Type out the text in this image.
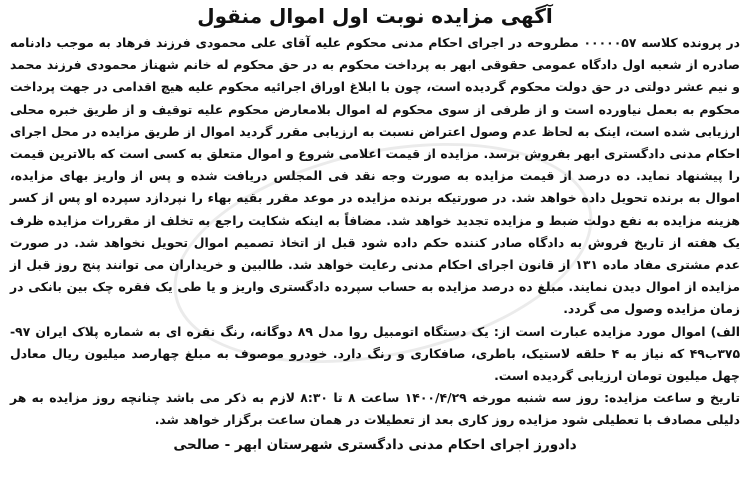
آگهی مزایده نوبت اول اموال منقول

در پرونده کلاسه ۰۰۰۰۰۵۷ مطروحه در اجرای احکام مدنی محکوم علیه آقای علی محمودی فرزند فرهاد به موجب دادنامه صادره از شعبه اول دادگاه عمومی حقوقی ابهر به پرداخت محکوم به در حق محکوم له خانم شهناز محمودی فرزند محمد و نیم عشر دولتی در حق دولت محکوم گردیده است، چون با ابلاغ اوراق اجرائیه محکوم علیه هیچ اقدامی در جهت پرداخت محکوم به بعمل نیاورده است و از طرفی از سوی محکوم له اموال بلامعارض محکوم علیه توقیف و از طریق خبره محلی ارزیابی شده است، اینک به لحاظ عدم وصول اعتراض نسبت به ارزیابی مقرر گردید اموال از طریق مزایده در محل اجرای احکام مدنی دادگستری ابهر بفروش برسد. مزایده از قیمت اعلامی شروع و اموال متعلق به کسی است که بالاترین قیمت را پیشنهاد نماید. ده درصد از قیمت مزایده به صورت وجه نقد فی المجلس دریافت شده و پس از واریز بهای مزایده، اموال به برنده تحویل داده خواهد شد. در صورتیکه برنده مزایده در موعد مقرر بقیه بهاء را نپردازد سپرده او پس از کسر هزینه مزایده به نفع دولت ضبط و مزایده تجدید خواهد شد. مضافاً به اینکه شکایت راجع به تخلف از مقررات مزایده ظرف یک هفته از تاریخ فروش به دادگاه صادر کننده حکم داده شود قبل از اتخاذ تصمیم اموال تحویل نخواهد شد. در صورت عدم مشتری مفاد ماده ۱۳۱ از قانون اجرای احکام مدنی رعایت خواهد شد. طالبین و خریداران می توانند پنج روز قبل از مزایده از اموال دیدن نمایند. مبلغ ده درصد مزایده به حساب سپرده دادگستری واریز و یا طی یک فقره چک بین بانکی در زمان مزایده وصول می گردد.

الف) اموال مورد مزایده عبارت است از: یک دستگاه اتومبیل روا مدل ۸۹ دوگانه، رنگ نقره ای به شماره پلاک ایران ۹۷- ۳۷۵ب۴۹ که نیاز به ۴ حلقه لاستیک، باطری، صافکاری و رنگ دارد. خودرو موصوف به مبلغ چهارصد میلیون ریال معادل چهل میلیون تومان ارزیابی گردیده است.

تاریخ و ساعت مزایده: روز سه شنبه مورخه ۱۴۰۰/۴/۲۹ ساعت ۸ تا ۸:۳۰ لازم به ذکر می باشد چنانچه روز مزایده به هر دلیلی مصادف با تعطیلی شود مزایده روز کاری بعد از تعطیلات در همان ساعت برگزار خواهد شد.

دادورز اجرای احکام مدنی دادگستری شهرستان ابهر - صالحی
